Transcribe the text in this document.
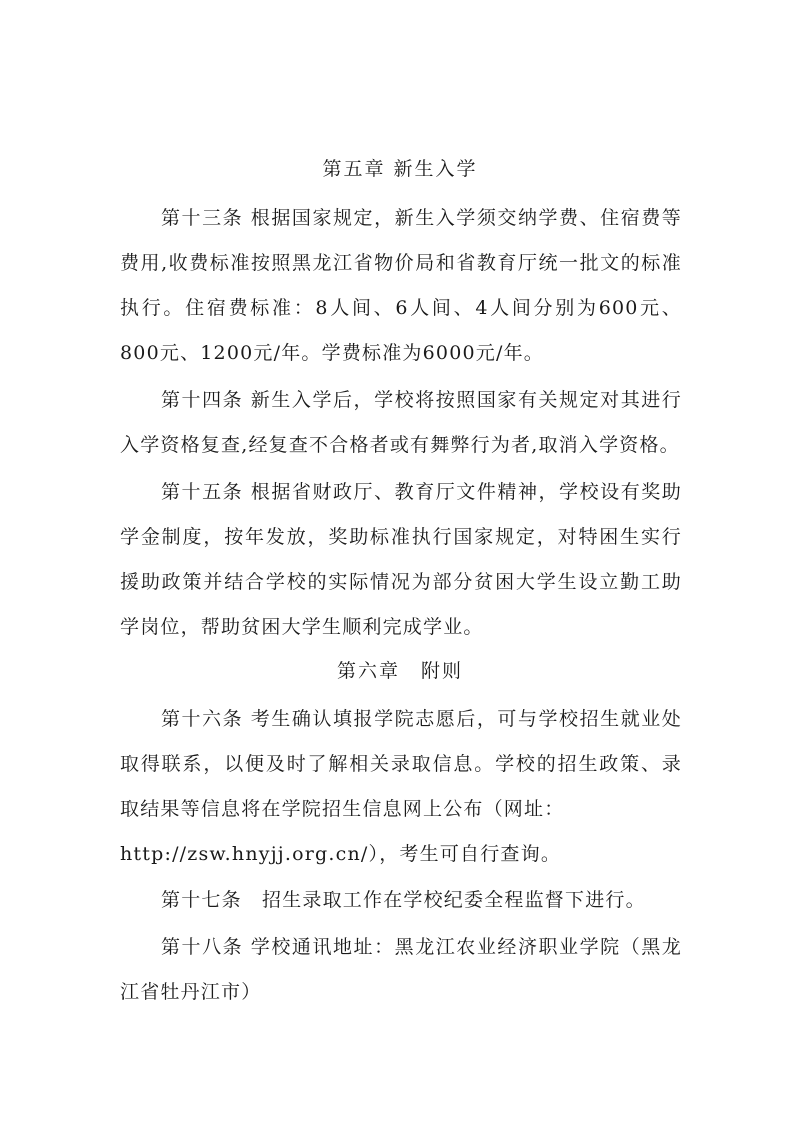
第五章 新生入学

第十三条 根据国家规定，新生入学须交纳学费、住宿费等费用,收费标准按照黑龙江省物价局和省教育厅统一批文的标准执行。住宿费标准：8人间、6人间、4人间分别为600元、800元、1200元/年。学费标准为6000元/年。

第十四条 新生入学后，学校将按照国家有关规定对其进行入学资格复查,经复查不合格者或有舞弊行为者,取消入学资格。

第十五条 根据省财政厅、教育厅文件精神，学校设有奖助学金制度，按年发放，奖助标准执行国家规定，对特困生实行援助政策并结合学校的实际情况为部分贫困大学生设立勤工助学岗位，帮助贫困大学生顺利完成学业。

第六章　附则

第十六条 考生确认填报学院志愿后，可与学校招生就业处取得联系，以便及时了解相关录取信息。学校的招生政策、录取结果等信息将在学院招生信息网上公布（网址：

http://zsw.hnyjj.org.cn/），考生可自行查询。

第十七条　招生录取工作在学校纪委全程监督下进行。

第十八条 学校通讯地址：黑龙江农业经济职业学院（黑龙江省牡丹江市）
